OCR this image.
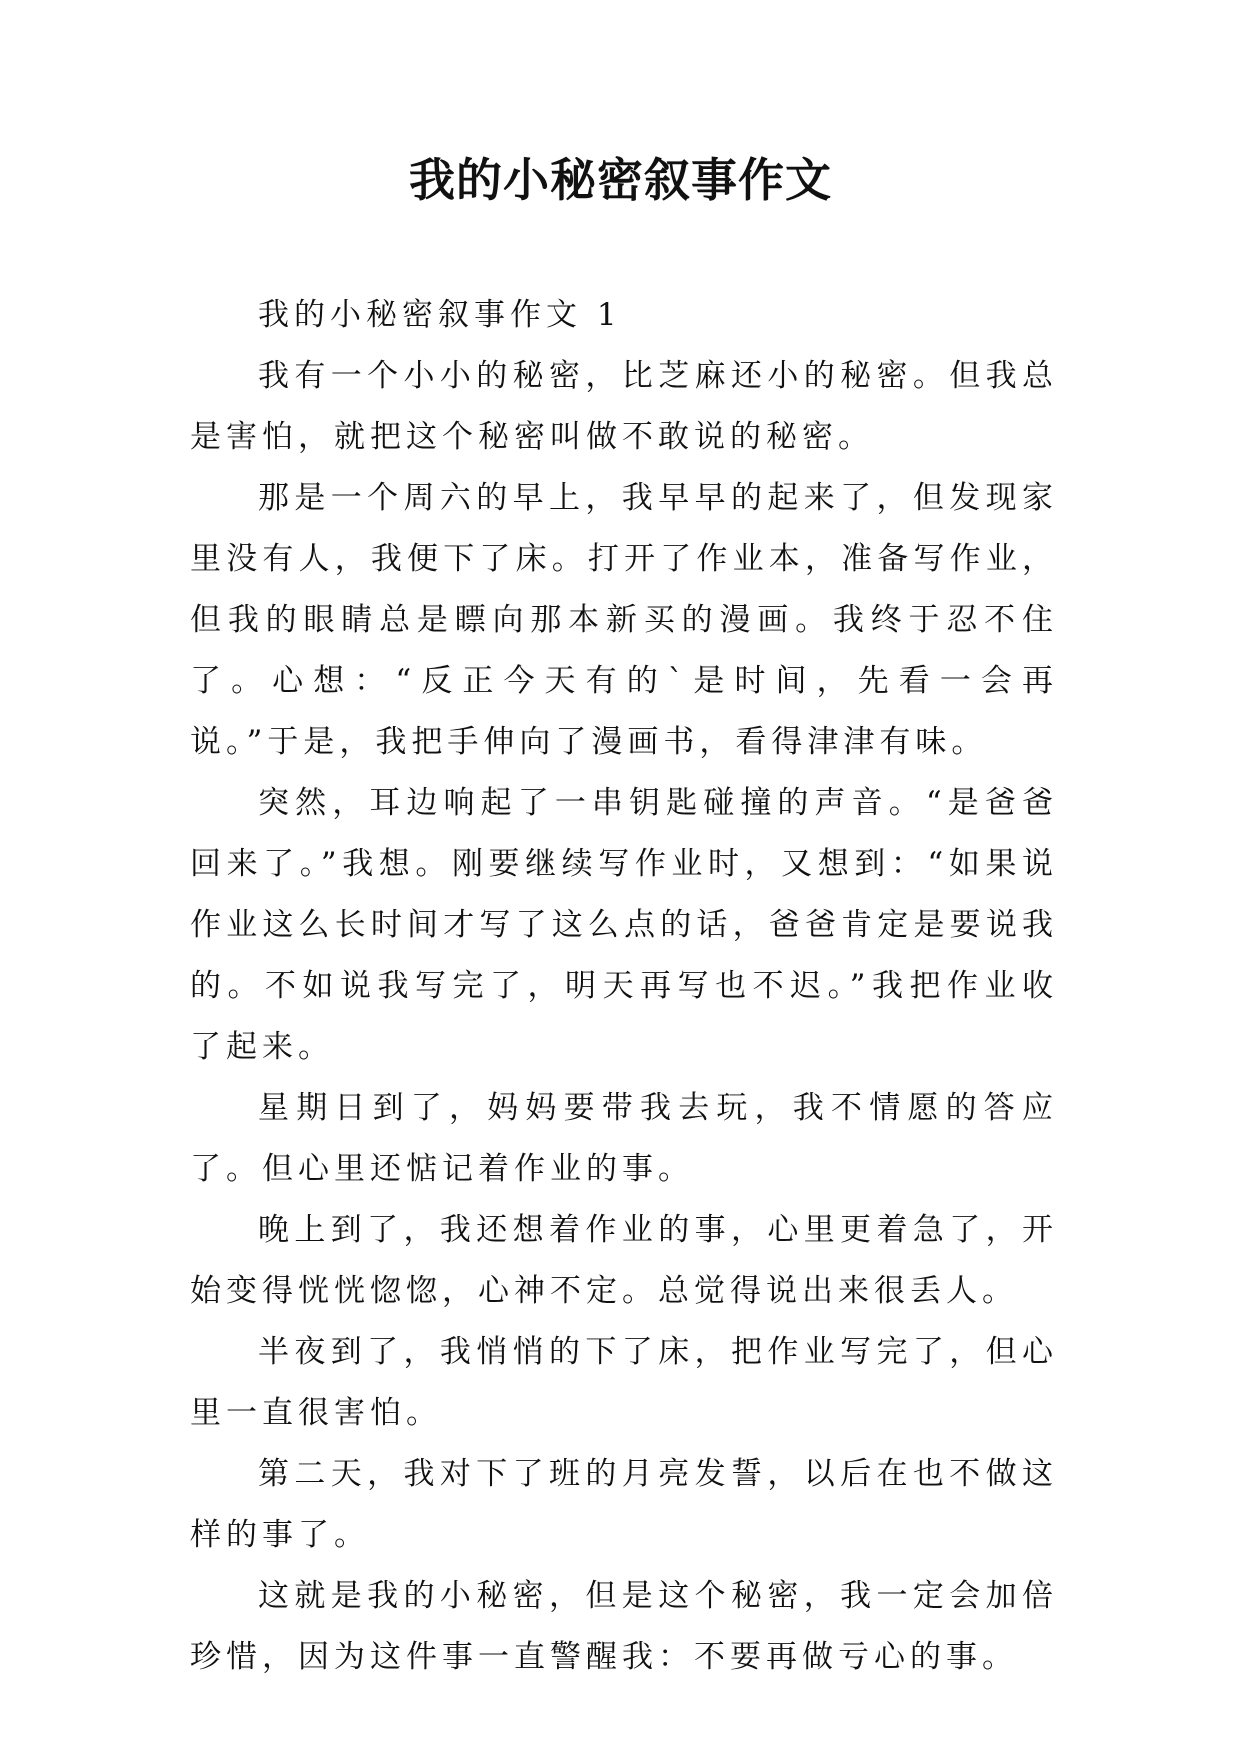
我的小秘密叙事作文

我的小秘密叙事作文 1

我有一个小小的秘密，比芝麻还小的秘密。但我总是害怕，就把这个秘密叫做不敢说的秘密。

那是一个周六的早上，我早早的起来了，但发现家里没有人，我便下了床。打开了作业本，准备写作业，但我的眼睛总是瞟向那本新买的漫画。我终于忍不住了。心想：“反正今天有的`是时间，先看一会再说。”于是，我把手伸向了漫画书，看得津津有味。

突然，耳边响起了一串钥匙碰撞的声音。“是爸爸回来了。”我想。刚要继续写作业时，又想到：“如果说作业这么长时间才写了这么点的话，爸爸肯定是要说我的。不如说我写完了，明天再写也不迟。”我把作业收了起来。

星期日到了，妈妈要带我去玩，我不情愿的答应了。但心里还惦记着作业的事。

晚上到了，我还想着作业的事，心里更着急了，开始变得恍恍惚惚，心神不定。总觉得说出来很丢人。

半夜到了，我悄悄的下了床，把作业写完了，但心里一直很害怕。

第二天，我对下了班的月亮发誓，以后在也不做这样的事了。

这就是我的小秘密，但是这个秘密，我一定会加倍珍惜，因为这件事一直警醒我：不要再做亏心的事。
